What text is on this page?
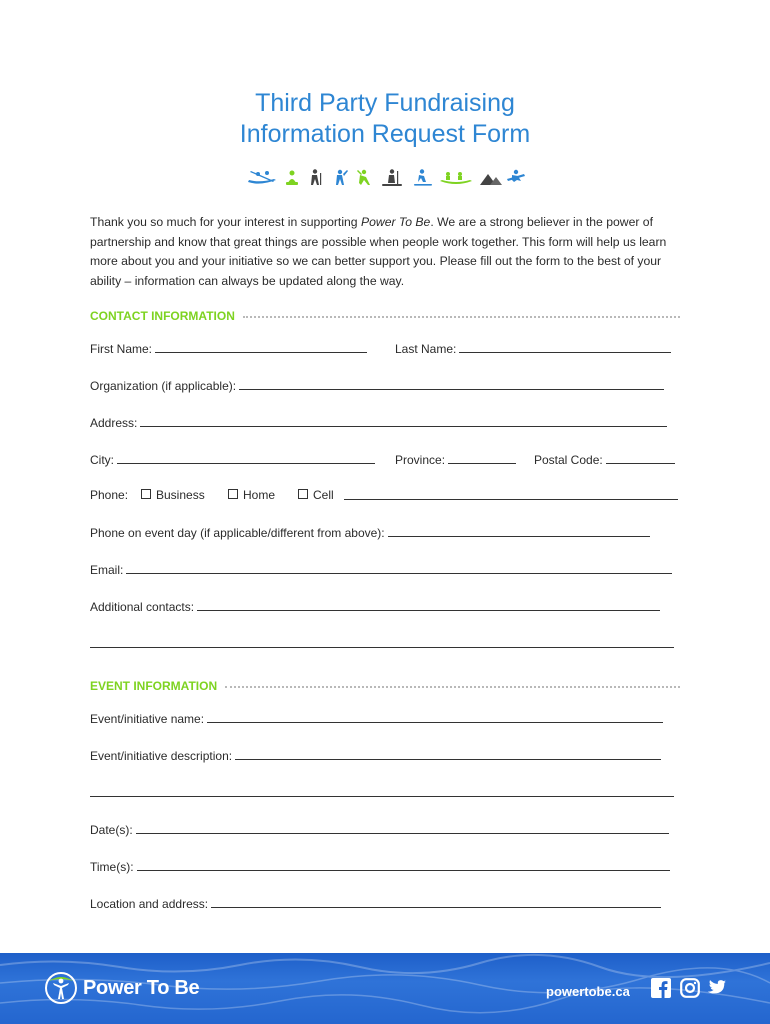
Third Party Fundraising
Information Request Form
Thank you so much for your interest in supporting Power To Be. We are a strong believer in the power of partnership and know that great things are possible when people work together. This form will help us learn more about you and your initiative so we can better support you. Please fill out the form to the best of your ability – information can always be updated along the way.
CONTACT INFORMATION
First Name:	Last Name:
Organization (if applicable):
Address:
City:	Province:	Postal Code:
Phone:	Business	Home	Cell
Phone on event day (if applicable/different from above):
Email:
Additional contacts:
EVENT INFORMATION
Event/initiative name:
Event/initiative description:
Date(s):
Time(s):
Location and address:
Power To Be	powertobe.ca
